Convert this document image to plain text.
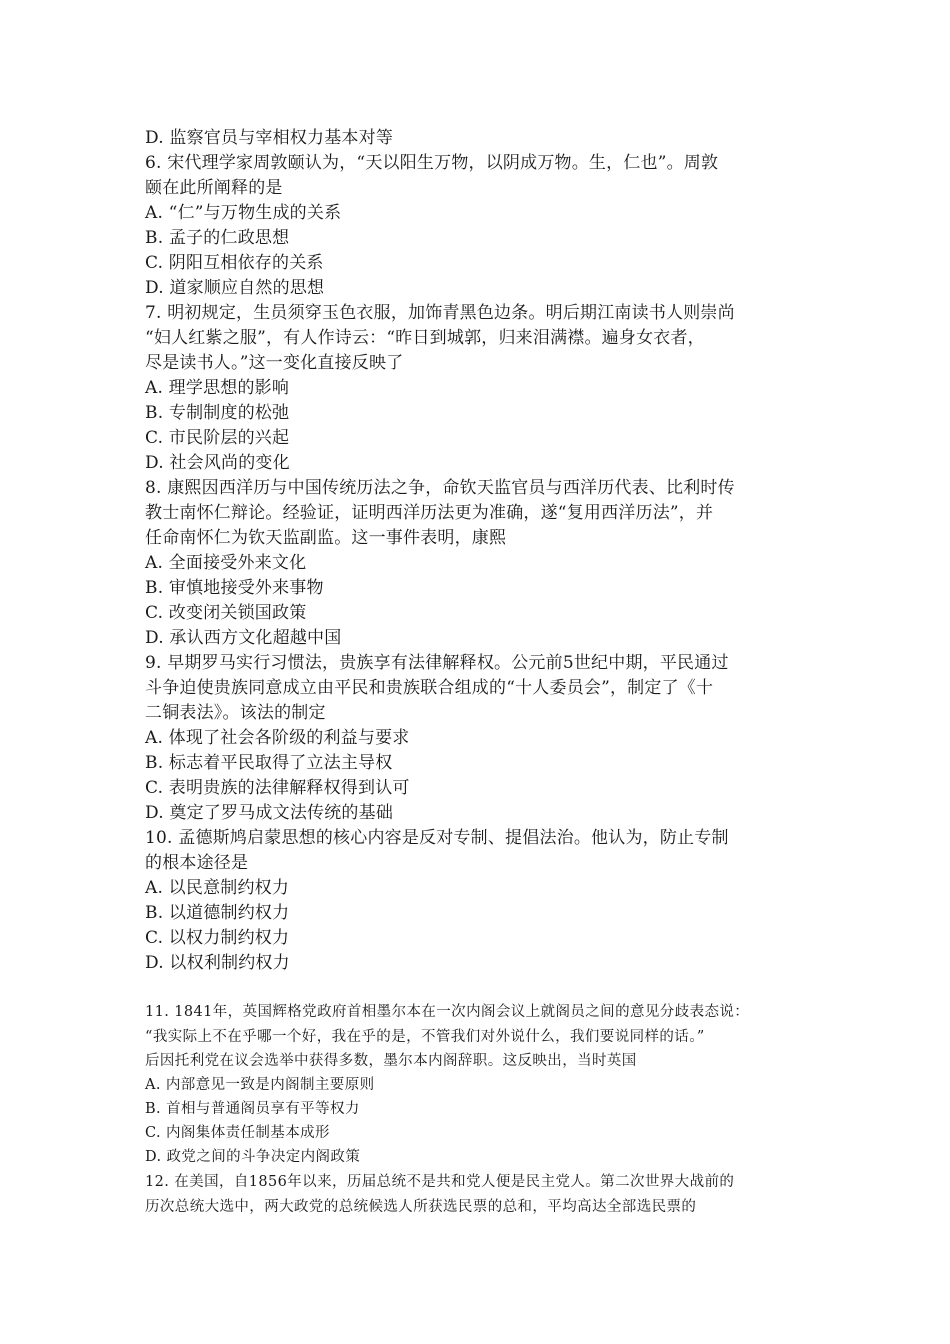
D. 监察官员与宰相权力基本对等
6. 宋代理学家周敦颐认为，“天以阳生万物，以阴成万物。生，仁也”。周敦
颐在此所阐释的是
A. “仁”与万物生成的关系
B. 孟子的仁政思想
C. 阴阳互相依存的关系
D. 道家顺应自然的思想
7. 明初规定，生员须穿玉色衣服，加饰青黑色边条。明后期江南读书人则崇尚
“妇人红紫之服”，有人作诗云：“昨日到城郭，归来泪满襟。遍身女衣者，
尽是读书人。”这一变化直接反映了
A. 理学思想的影响
B. 专制制度的松弛
C. 市民阶层的兴起
D. 社会风尚的变化
8. 康熙因西洋历与中国传统历法之争，命钦天监官员与西洋历代表、比利时传
教士南怀仁辩论。经验证，证明西洋历法更为准确，遂“复用西洋历法”，并
任命南怀仁为钦天监副监。这一事件表明，康熙
A. 全面接受外来文化
B. 审慎地接受外来事物
C. 改变闭关锁国政策
D. 承认西方文化超越中国
9. 早期罗马实行习惯法，贵族享有法律解释权。公元前5世纪中期，平民通过
斗争迫使贵族同意成立由平民和贵族联合组成的“十人委员会”，制定了《十
二铜表法》。该法的制定
A. 体现了社会各阶级的利益与要求
B. 标志着平民取得了立法主导权
C. 表明贵族的法律解释权得到认可
D. 奠定了罗马成文法传统的基础
10. 孟德斯鸠启蒙思想的核心内容是反对专制、提倡法治。他认为，防止专制
的根本途径是
A. 以民意制约权力
B. 以道德制约权力
C. 以权力制约权力
D. 以权利制约权力
11. 1841年，英国辉格党政府首相墨尔本在一次内阁会议上就阁员之间的意见分歧表态说：
“我实际上不在乎哪一个好，我在乎的是，不管我们对外说什么，我们要说同样的话。”
后因托利党在议会选举中获得多数，墨尔本内阁辞职。这反映出，当时英国
A. 内部意见一致是内阁制主要原则
B. 首相与普通阁员享有平等权力
C. 内阁集体责任制基本成形
D. 政党之间的斗争决定内阁政策
12. 在美国，自1856年以来，历届总统不是共和党人便是民主党人。第二次世界大战前的
历次总统大选中，两大政党的总统候选人所获选民票的总和，平均高达全部选民票的
